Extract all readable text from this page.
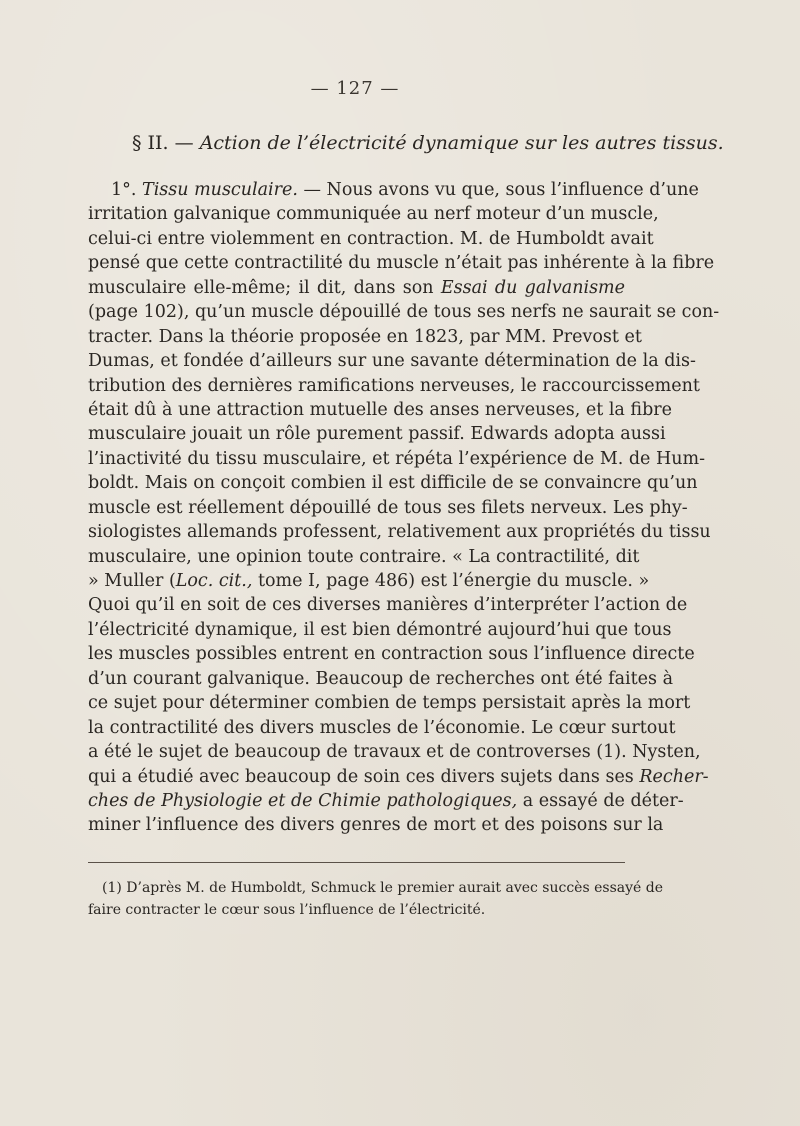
— 127 —
§ II. — Action de l’électricité dynamique sur les autres tissus.
1°. Tissu musculaire. — Nous avons vu que, sous l’influence d’une
irritation galvanique communiquée au nerf moteur d’un muscle,
celui-ci entre violemment en contraction. M. de Humboldt avait
pensé que cette contractilité du muscle n’était pas inhérente à la fibre
musculaire elle-même; il dit, dans son Essai du galvanisme
(page 102), qu’un muscle dépouillé de tous ses nerfs ne saurait se con-
tracter. Dans la théorie proposée en 1823, par MM. Prevost et
Dumas, et fondée d’ailleurs sur une savante détermination de la dis-
tribution des dernières ramifications nerveuses, le raccourcissement
était dû à une attraction mutuelle des anses nerveuses, et la fibre
musculaire jouait un rôle purement passif. Edwards adopta aussi
l’inactivité du tissu musculaire, et répéta l’expérience de M. de Hum-
boldt. Mais on conçoit combien il est difficile de se convaincre qu’un
muscle est réellement dépouillé de tous ses filets nerveux. Les phy-
siologistes allemands professent, relativement aux propriétés du tissu
musculaire, une opinion toute contraire. « La contractilité, dit
» Muller (Loc. cit., tome I, page 486) est l’énergie du muscle. »
Quoi qu’il en soit de ces diverses manières d’interpréter l’action de
l’électricité dynamique, il est bien démontré aujourd’hui que tous
les muscles possibles entrent en contraction sous l’influence directe
d’un courant galvanique. Beaucoup de recherches ont été faites à
ce sujet pour déterminer combien de temps persistait après la mort
la contractilité des divers muscles de l’économie. Le cœur surtout
a été le sujet de beaucoup de travaux et de controverses (1). Nysten,
qui a étudié avec beaucoup de soin ces divers sujets dans ses Recher-
ches de Physiologie et de Chimie pathologiques, a essayé de déter-
miner l’influence des divers genres de mort et des poisons sur la
(1) D’après M. de Humboldt, Schmuck le premier aurait avec succès essayé de
faire contracter le cœur sous l’influence de l’électricité.
